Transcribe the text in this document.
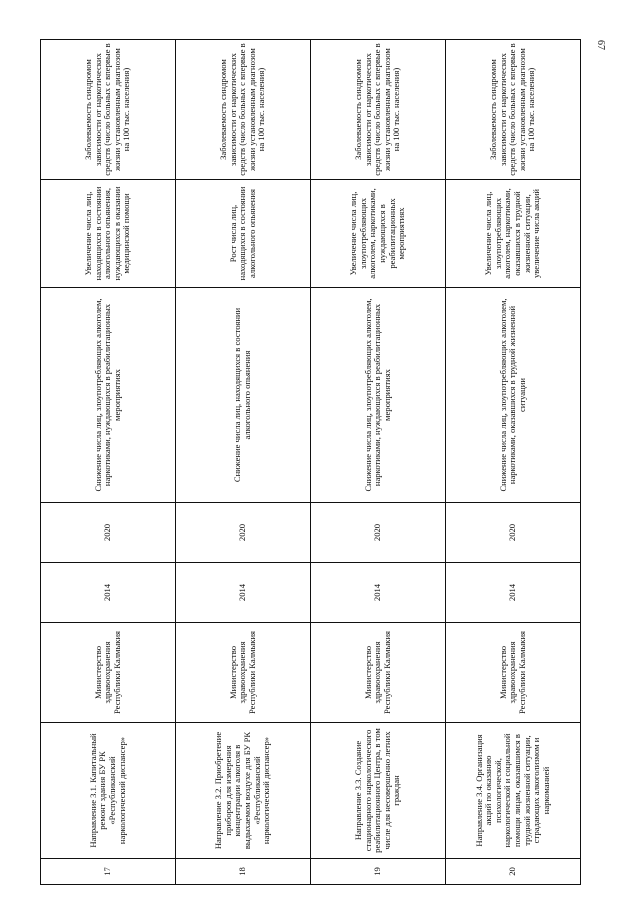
67
17	Направление 3.1. Капитальный ремонт здания БУ РК «Республиканский наркологический диспансер»	Министерство здравоохранения Республики Калмыкия	2014	2020	Снижение числа лиц, злоупотребляющих алкоголем, наркотиками, нуждающихся в реабилитационных мероприятиях	Увеличение числа лиц, находящихся в состоянии алкогольного опьянения, нуждающихся в оказании медицинской помощи	Заболеваемость синдромом зависимости от наркотических средств (число больных с впервые в жизни установленным диагнозом на 100 тыс. населения)
18	Направление 3.2. Приобретение приборов для измерения концентрации алкоголя в выдыхаемом воздухе для БУ РК «Республиканский наркологический диспансер»	Министерство здравоохранения Республики Калмыкия	2014	2020	Снижение числа лиц, находящихся в состоянии алкогольного опьянения	Рост числа лиц, находящихся в состоянии алкогольного опьянения	Заболеваемость синдромом зависимости от наркотических средств (число больных с впервые в жизни установленным диагнозом на 100 тыс. населения)
19	Направление 3.3. Создание стационарного наркологического реабилитационного Центра, в том числе для несовершенно летних граждан	Министерство здравоохранения Республики Калмыкия	2014	2020	Снижение числа лиц, злоупотребляющих алкоголем, наркотиками, нуждающихся в реабилитационных мероприятиях	Увеличение числа лиц, злоупотребляющих алкоголем, наркотиками, нуждающихся в реабилитационных мероприятиях	Заболеваемость синдромом зависимости от наркотических средств (число больных с впервые в жизни установленным диагнозом на 100 тыс. населения)
20	Направление 3.4. Организация акций по оказанию психологической, наркологической и социальной помощи лицам, оказавшимся в трудной жизненной ситуации, страдающих алкоголизмом и наркоманией	Министерство здравоохранения Республики Калмыкия	2014	2020	Снижение числа лиц, злоупотребляющих алкоголем, наркотиками, оказавшихся в трудной жизненной ситуации	Увеличение числа лиц, злоупотребляющих алкоголем, наркотиками, оказавшихся в трудной жизненной ситуации, увеличение числа акций	Заболеваемость синдромом зависимости от наркотических средств (число больных с впервые в жизни установленным диагнозом на 100 тыс. населения)
